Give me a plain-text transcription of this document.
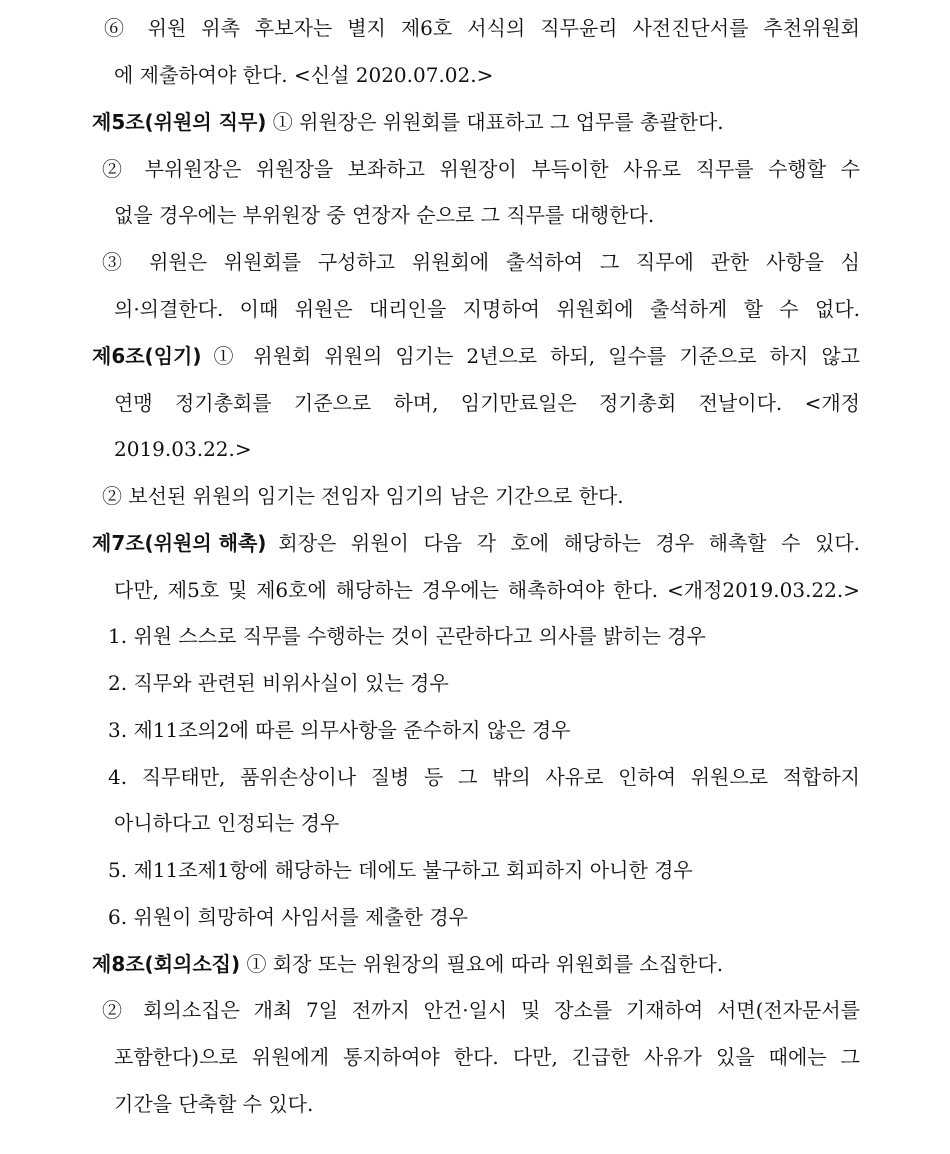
⑥ 위원 위촉 후보자는 별지 제6호 서식의 직무윤리 사전진단서를 추천위원회
에 제출하여야 한다. <신설 2020.07.02.>
제5조(위원의 직무) ① 위원장은 위원회를 대표하고 그 업무를 총괄한다.
② 부위원장은 위원장을 보좌하고 위원장이 부득이한 사유로 직무를 수행할 수
없을 경우에는 부위원장 중 연장자 순으로 그 직무를 대행한다.
③ 위원은 위원회를 구성하고 위원회에 출석하여 그 직무에 관한 사항을 심
의·의결한다. 이때 위원은 대리인을 지명하여 위원회에 출석하게 할 수 없다.
제6조(임기) ① 위원회 위원의 임기는 2년으로 하되, 일수를 기준으로 하지 않고
연맹 정기총회를 기준으로 하며, 임기만료일은 정기총회 전날이다. <개정
2019.03.22.>
② 보선된 위원의 임기는 전임자 임기의 남은 기간으로 한다.
제7조(위원의 해촉) 회장은 위원이 다음 각 호에 해당하는 경우 해촉할 수 있다.
다만, 제5호 및 제6호에 해당하는 경우에는 해촉하여야 한다. <개정2019.03.22.>
1. 위원 스스로 직무를 수행하는 것이 곤란하다고 의사를 밝히는 경우
2. 직무와 관련된 비위사실이 있는 경우
3. 제11조의2에 따른 의무사항을 준수하지 않은 경우
4. 직무태만, 품위손상이나 질병 등 그 밖의 사유로 인하여 위원으로 적합하지
아니하다고 인정되는 경우
5. 제11조제1항에 해당하는 데에도 불구하고 회피하지 아니한 경우
6. 위원이 희망하여 사임서를 제출한 경우
제8조(회의소집) ① 회장 또는 위원장의 필요에 따라 위원회를 소집한다.
② 회의소집은 개최 7일 전까지 안건·일시 및 장소를 기재하여 서면(전자문서를
포함한다)으로 위원에게 통지하여야 한다. 다만, 긴급한 사유가 있을 때에는 그
기간을 단축할 수 있다.
